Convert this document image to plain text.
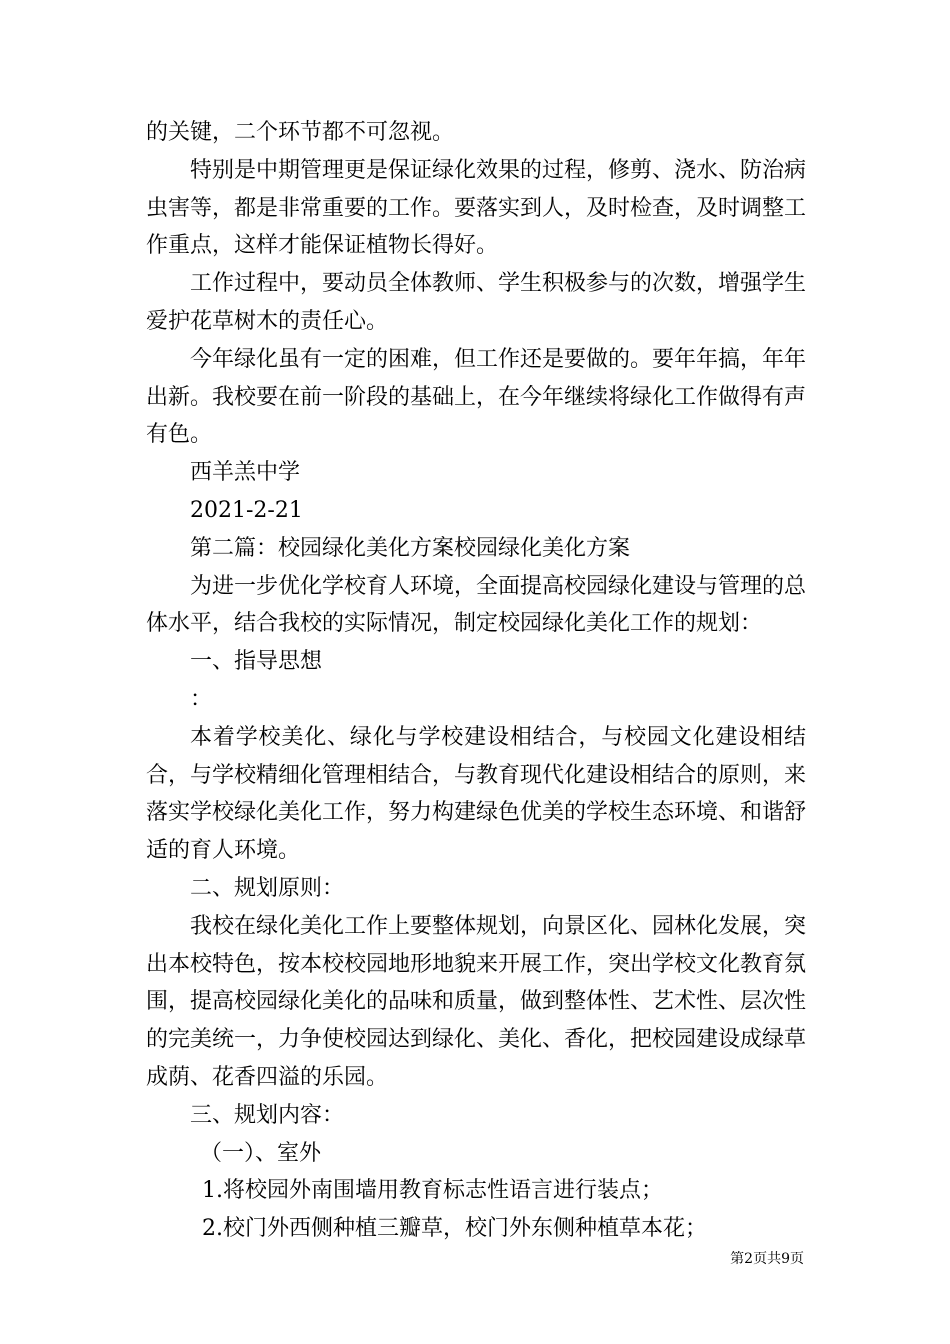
的关键，二个环节都不可忽视。

特别是中期管理更是保证绿化效果的过程，修剪、浇水、防治病虫害等，都是非常重要的工作。要落实到人，及时检查，及时调整工作重点，这样才能保证植物长得好。

工作过程中，要动员全体教师、学生积极参与的次数，增强学生爱护花草树木的责任心。

今年绿化虽有一定的困难，但工作还是要做的。要年年搞，年年出新。我校要在前一阶段的基础上，在今年继续将绿化工作做得有声有色。

西羊羔中学

2021-2-21

第二篇：校园绿化美化方案校园绿化美化方案

为进一步优化学校育人环境，全面提高校园绿化建设与管理的总体水平，结合我校的实际情况，制定校园绿化美化工作的规划：

一、指导思想

：

本着学校美化、绿化与学校建设相结合，与校园文化建设相结合，与学校精细化管理相结合，与教育现代化建设相结合的原则，来落实学校绿化美化工作，努力构建绿色优美的学校生态环境、和谐舒适的育人环境。

二、规划原则：

我校在绿化美化工作上要整体规划，向景区化、园林化发展，突出本校特色，按本校校园地形地貌来开展工作，突出学校文化教育氛围，提高校园绿化美化的品味和质量，做到整体性、艺术性、层次性的完美统一，力争使校园达到绿化、美化、香化，把校园建设成绿草成荫、花香四溢的乐园。

三、规划内容：

（一）、室外

1.将校园外南围墙用教育标志性语言进行装点；

2.校门外西侧种植三瓣草，校门外东侧种植草本花；

第2页共9页
